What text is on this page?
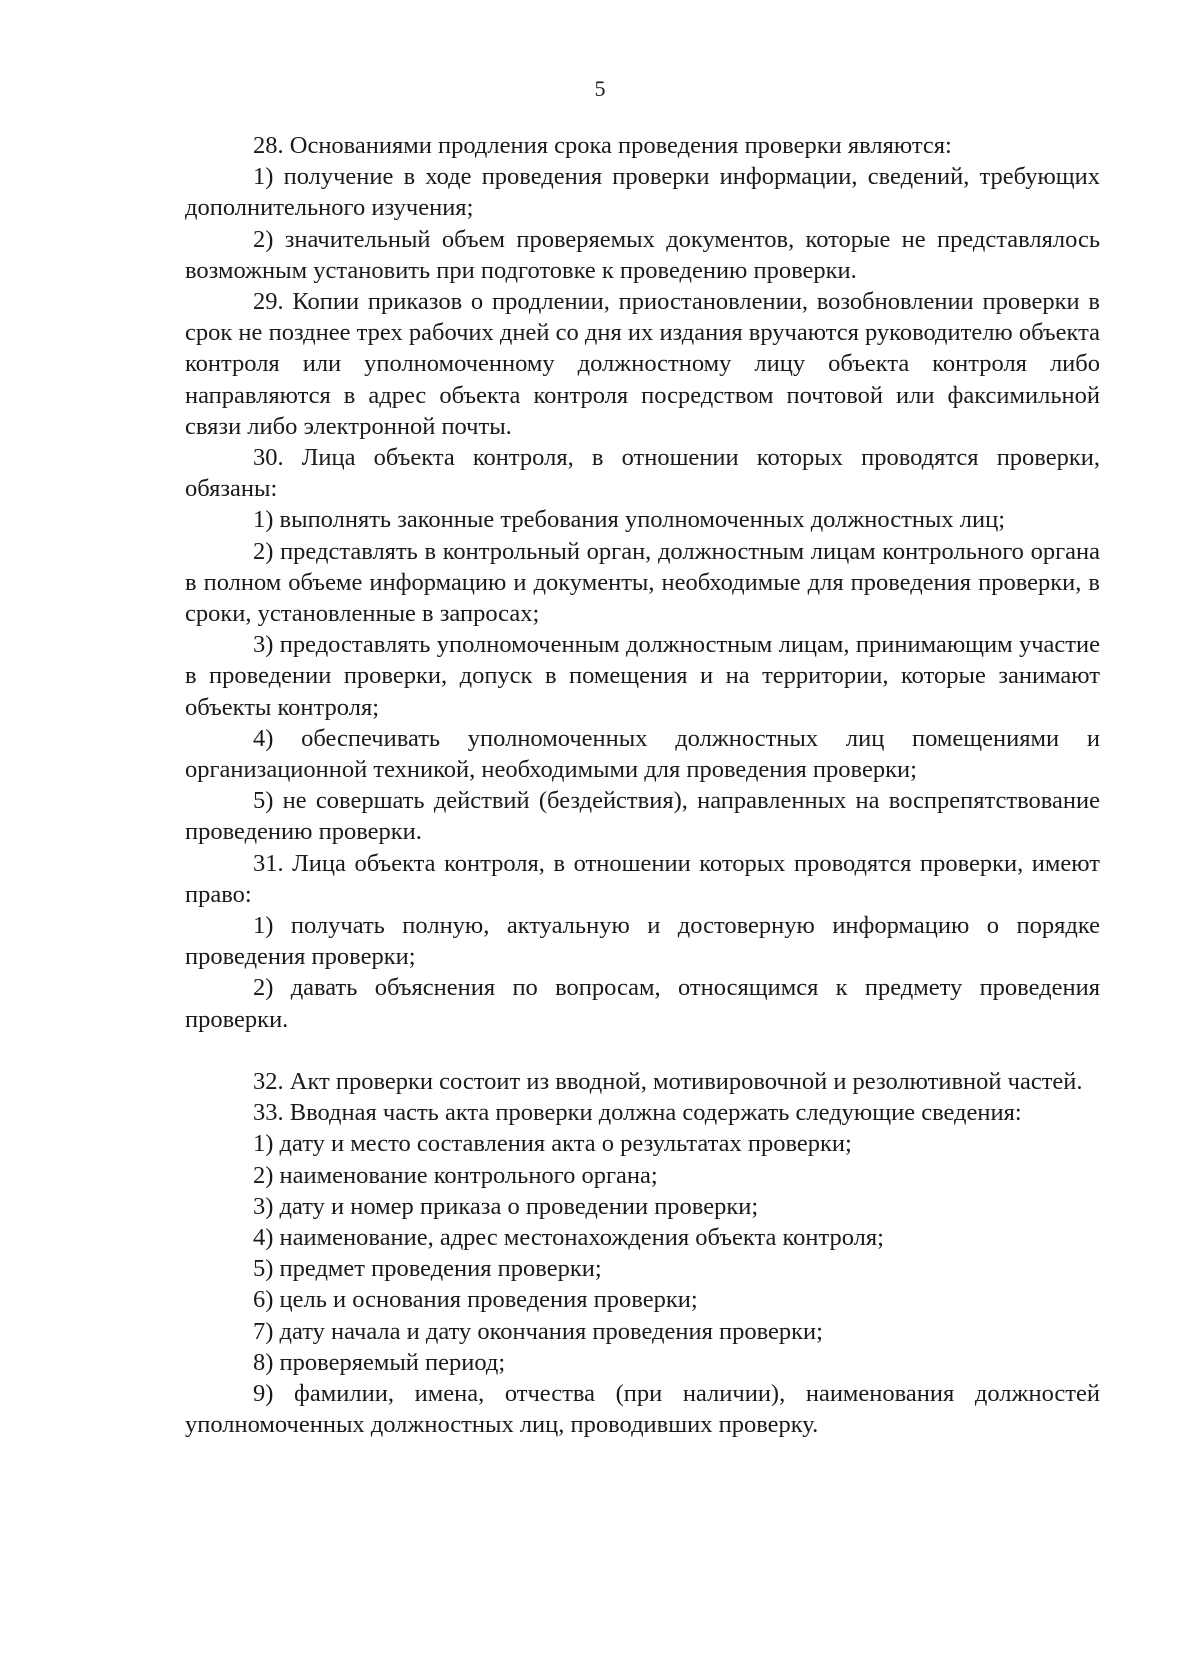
5

28. Основаниями продления срока проведения проверки являются:

1) получение в ходе проведения проверки информации, сведений, требующих дополнительного изучения;

2) значительный объем проверяемых документов, которые не представлялось возможным установить при подготовке к проведению проверки.

29. Копии приказов о продлении, приостановлении, возобновлении проверки в срок не позднее трех рабочих дней со дня их издания вручаются руководителю объекта контроля или уполномоченному должностному лицу объекта контроля либо направляются в адрес объекта контроля посредством почтовой или факсимильной связи либо электронной почты.

30. Лица объекта контроля, в отношении которых проводятся проверки, обязаны:

1) выполнять законные требования уполномоченных должностных лиц;

2) представлять в контрольный орган, должностным лицам контрольного органа в полном объеме информацию и документы, необходимые для проведения проверки, в сроки, установленные в запросах;

3) предоставлять уполномоченным должностным лицам, принимающим участие в проведении проверки, допуск в помещения и на территории, которые занимают объекты контроля;

4) обеспечивать уполномоченных должностных лиц помещениями и организационной техникой, необходимыми для проведения проверки;

5) не совершать действий (бездействия), направленных на воспрепятствование проведению проверки.

31. Лица объекта контроля, в отношении которых проводятся проверки, имеют право:

1) получать полную, актуальную и достоверную информацию о порядке проведения проверки;

2) давать объяснения по вопросам, относящимся к предмету проведения проверки.

32. Акт проверки состоит из вводной, мотивировочной и резолютивной частей.

33. Вводная часть акта проверки должна содержать следующие сведения:

1) дату и место составления акта о результатах проверки;

2) наименование контрольного органа;

3) дату и номер приказа о проведении проверки;

4) наименование, адрес местонахождения объекта контроля;

5) предмет проведения проверки;

6) цель и основания проведения проверки;

7) дату начала и дату окончания проведения проверки;

8) проверяемый период;

9) фамилии, имена, отчества (при наличии), наименования должностей уполномоченных должностных лиц, проводивших проверку.
